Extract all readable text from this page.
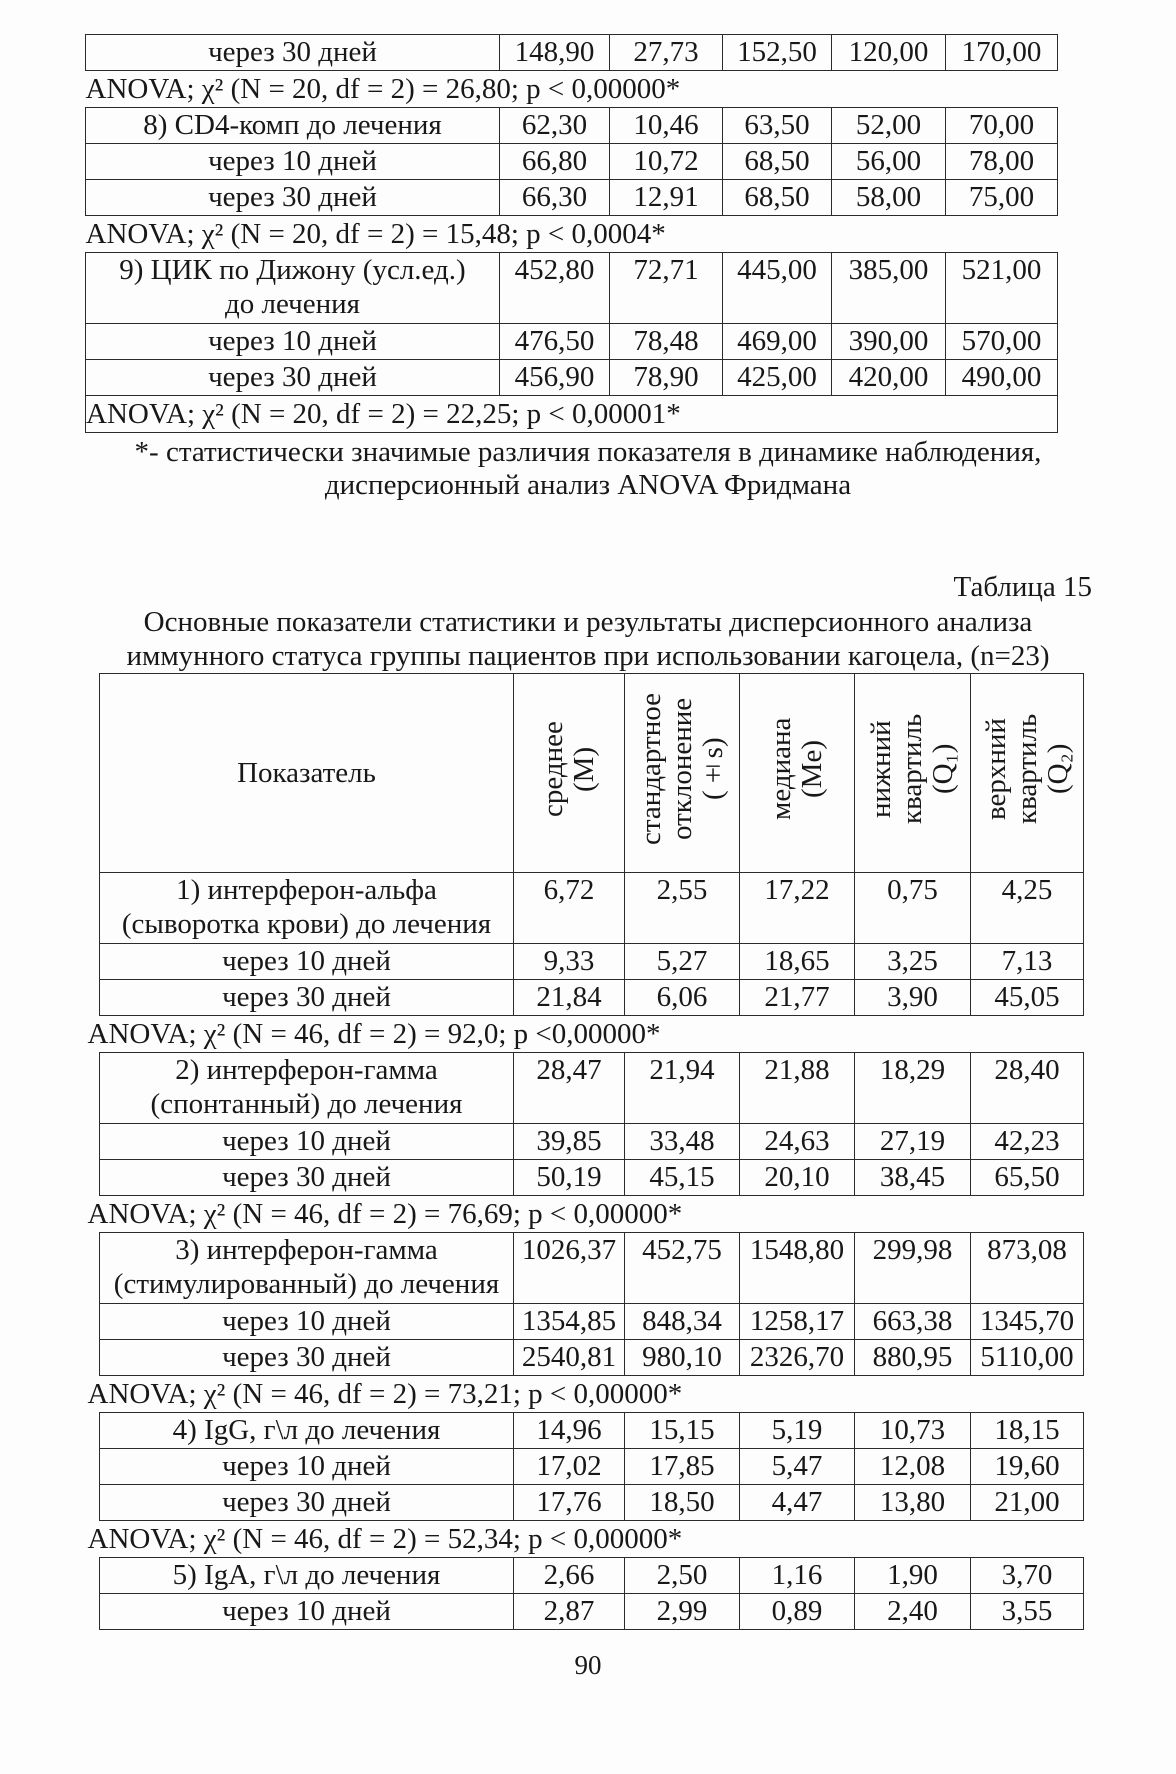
через 30 дней	148,90	27,73	152,50	120,00	170,00
ANOVA; χ² (N = 20, df = 2) = 26,80; p < 0,00000*					

8) CD4-комп до лечения	62,30	10,46	63,50	52,00	70,00

через 10 дней	66,80	10,72	68,50	56,00	78,00

через 30 дней	66,30	12,91	68,50	58,00	75,00
ANOVA; χ² (N = 20, df = 2) = 15,48; p < 0,0004*					

9) ЦИК по Дижону (усл.ед.)
до лечения	452,80	72,71	445,00	385,00	521,00

через 10 дней	476,50	78,48	469,00	390,00	570,00

через 30 дней	456,90	78,90	425,00	420,00	490,00
ANOVA; χ² (N = 20, df = 2) = 22,25; p < 0,00001*					
*- статистически значимые различия показателя в динамике наблюдения,
дисперсионный анализ ANOVA Фридмана
Таблица 15
Основные показатели статистики и результаты дисперсионного анализа
иммунного статуса группы пациентов при использовании кагоцела, (n=23)
Показатель	среднее (M)	стандартное отклонение (±s)	медиана (Me)	нижний квартиль (Q₁)	верхний квартиль (Q₂)

1) интерферон-альфа
(сыворотка крови) до лечения	6,72	2,55	17,22	0,75	4,25

через 10 дней	9,33	5,27	18,65	3,25	7,13

через 30 дней	21,84	6,06	21,77	3,90	45,05
ANOVA; χ² (N = 46, df = 2) = 92,0; p <0,00000*					

2) интерферон-гамма
(спонтанный) до лечения	28,47	21,94	21,88	18,29	28,40

через 10 дней	39,85	33,48	24,63	27,19	42,23

через 30 дней	50,19	45,15	20,10	38,45	65,50
ANOVA; χ² (N = 46, df = 2) = 76,69; p < 0,00000*					

3) интерферон-гамма
(стимулированный) до лечения	1026,37	452,75	1548,80	299,98	873,08

через 10 дней	1354,85	848,34	1258,17	663,38	1345,70

через 30 дней	2540,81	980,10	2326,70	880,95	5110,00
ANOVA; χ² (N = 46, df = 2) = 73,21; p < 0,00000*					

4) IgG, г\л до лечения	14,96	15,15	5,19	10,73	18,15

через 10 дней	17,02	17,85	5,47	12,08	19,60

через 30 дней	17,76	18,50	4,47	13,80	21,00
ANOVA; χ² (N = 46, df = 2) = 52,34; p < 0,00000*					

5) IgA, г\л до лечения	2,66	2,50	1,16	1,90	3,70

через 10 дней	2,87	2,99	0,89	2,40	3,55
90
